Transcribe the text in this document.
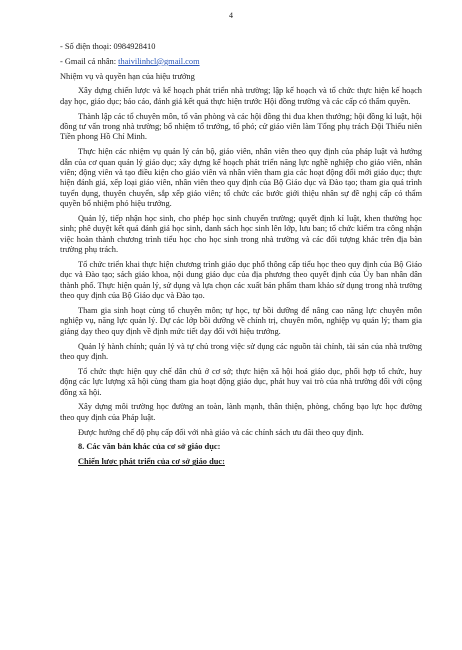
4

- Số điện thoại: 0984928410

- Gmail cá nhân: thaivilinhcl@gmail.com

Nhiệm vụ và quyền hạn của hiệu trưởng

Xây dựng chiến lược và kế hoạch phát triển nhà trường; lập kế hoạch và tổ chức thực hiện kế hoạch dạy học, giáo dục; báo cáo, đánh giá kết quả thực hiện trước Hội đồng trường và các cấp có thẩm quyền.

Thành lập các tổ chuyên môn, tổ văn phòng và các hội đồng thi đua khen thưởng; hội đồng kỉ luật, hội đồng tư vấn trong nhà trường; bổ nhiệm tổ trưởng, tổ phó; cử giáo viên làm Tổng phụ trách Đội Thiếu niên Tiền phong Hồ Chí Minh.

Thực hiện các nhiệm vụ quản lý cán bộ, giáo viên, nhân viên theo quy định của pháp luật và hướng dẫn của cơ quan quản lý giáo dục; xây dựng kế hoạch phát triển năng lực nghề nghiệp cho giáo viên, nhân viên; động viên và tạo điều kiện cho giáo viên và nhân viên tham gia các hoạt động đổi mới giáo dục; thực hiện đánh giá, xếp loại giáo viên, nhân viên theo quy định của Bộ Giáo dục và Đào tạo; tham gia quá trình tuyển dụng, thuyên chuyển, sắp xếp giáo viên; tổ chức các bước giới thiệu nhân sự đề nghị cấp có thẩm quyền bổ nhiệm phó hiệu trưởng.

Quản lý, tiếp nhận học sinh, cho phép học sinh chuyển trường; quyết định kỉ luật, khen thưởng học sinh; phê duyệt kết quả đánh giá học sinh, danh sách học sinh lên lớp, lưu ban; tổ chức kiểm tra công nhận việc hoàn thành chương trình tiểu học cho học sinh trong nhà trường và các đối tượng khác trên địa bàn trường phụ trách.

Tổ chức triển khai thực hiện chương trình giáo dục phổ thông cấp tiểu học theo quy định của Bộ Giáo dục và Đào tạo; sách giáo khoa, nội dung giáo dục của địa phương theo quyết định của Ủy ban nhân dân thành phố. Thực hiện quản lý, sử dụng và lựa chọn các xuất bản phẩm tham khảo sử dụng trong nhà trường theo quy định của Bộ Giáo dục và Đào tạo.

Tham gia sinh hoạt cùng tổ chuyên môn; tự học, tự bồi dưỡng để nâng cao năng lực chuyên môn nghiệp vụ, năng lực quản lý. Dự các lớp bồi dưỡng về chính trị, chuyên môn, nghiệp vụ quản lý; tham gia giảng dạy theo quy định về định mức tiết dạy đối với hiệu trưởng.

Quản lý hành chính; quản lý và tự chủ trong việc sử dụng các nguồn tài chính, tài sản của nhà trường theo quy định.

Tổ chức thực hiện quy chế dân chủ ở cơ sở; thực hiện xã hội hoá giáo dục, phối hợp tổ chức, huy động các lực lượng xã hội cùng tham gia hoạt động giáo dục, phát huy vai trò của nhà trường đối với cộng đồng xã hội.

Xây dựng môi trường học đường an toàn, lành mạnh, thân thiện, phòng, chống bạo lực học đường theo quy định của Pháp luật.

Được hưởng chế độ phụ cấp đối với nhà giáo và các chính sách ưu đãi theo quy định.

8. Các văn bản khác của cơ sở giáo dục:

Chiến lược phát triển của cơ sở giáo dục:
